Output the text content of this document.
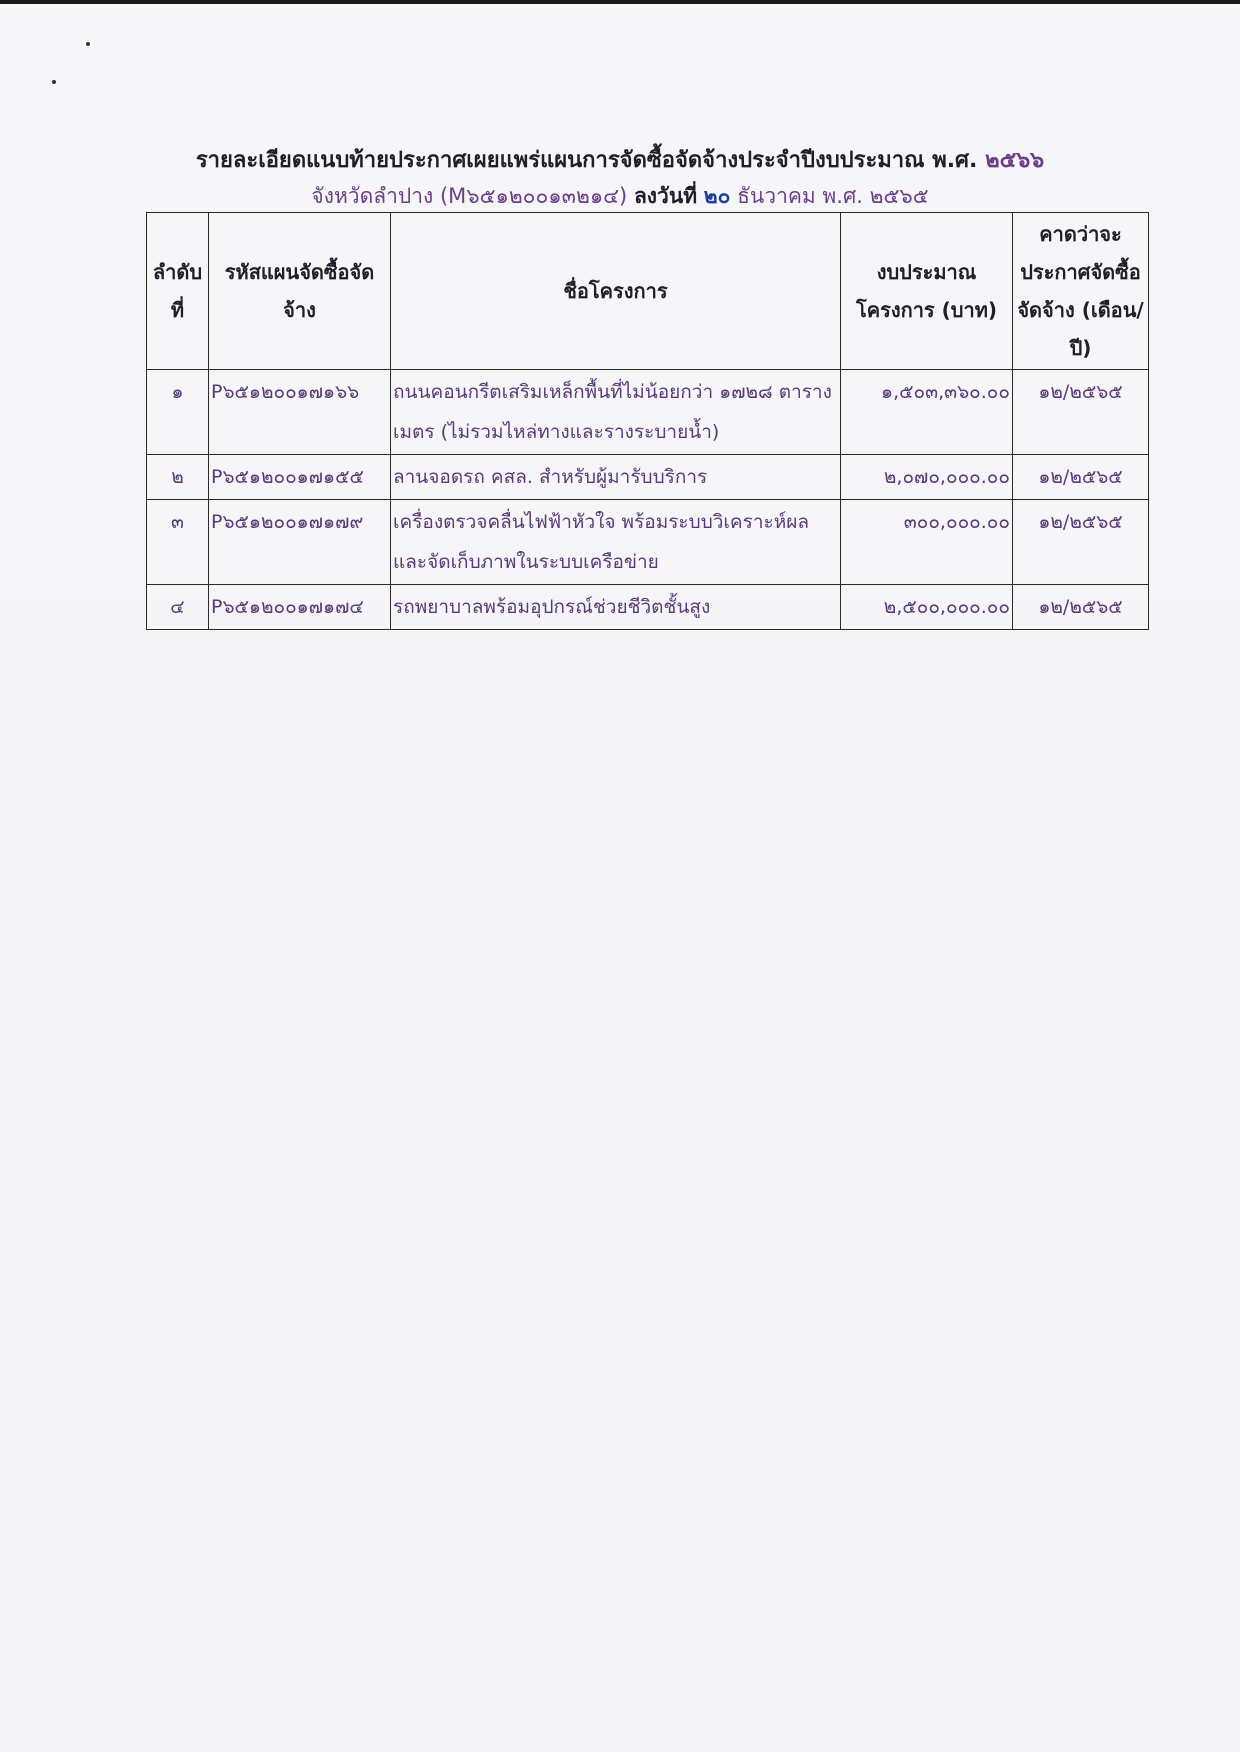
รายละเอียดแนบท้ายประกาศเผยแพร่แผนการจัดซื้อจัดจ้างประจำปีงบประมาณ พ.ศ. ๒๕๖๖
จังหวัดลำปาง (M๖๕๑๒๐๐๑๓๒๑๔) ลงวันที่ ๒๐ ธันวาคม พ.ศ. ๒๕๖๕
ลำดับที่	รหัสแผนจัดซื้อจัดจ้าง	ชื่อโครงการ	งบประมาณโครงการ (บาท)	คาดว่าจะประกาศจัดซื้อจัดจ้าง (เดือน/ปี)
๑	P๖๕๑๒๐๐๑๗๑๖๖	ถนนคอนกรีตเสริมเหล็กพื้นที่ไม่น้อยกว่า ๑๗๒๘ ตารางเมตร (ไม่รวมไหล่ทางและรางระบายน้ำ)	๑,๕๐๓,๓๖๐.๐๐	๑๒/๒๕๖๕
๒	P๖๕๑๒๐๐๑๗๑๕๕	ลานจอดรถ คสล. สำหรับผู้มารับบริการ	๒,๐๗๐,๐๐๐.๐๐	๑๒/๒๕๖๕
๓	P๖๕๑๒๐๐๑๗๑๗๙	เครื่องตรวจคลื่นไฟฟ้าหัวใจ พร้อมระบบวิเคราะห์ผลและจัดเก็บภาพในระบบเครือข่าย	๓๐๐,๐๐๐.๐๐	๑๒/๒๕๖๕
๔	P๖๕๑๒๐๐๑๗๑๗๔	รถพยาบาลพร้อมอุปกรณ์ช่วยชีวิตชั้นสูง	๒,๕๐๐,๐๐๐.๐๐	๑๒/๒๕๖๕
